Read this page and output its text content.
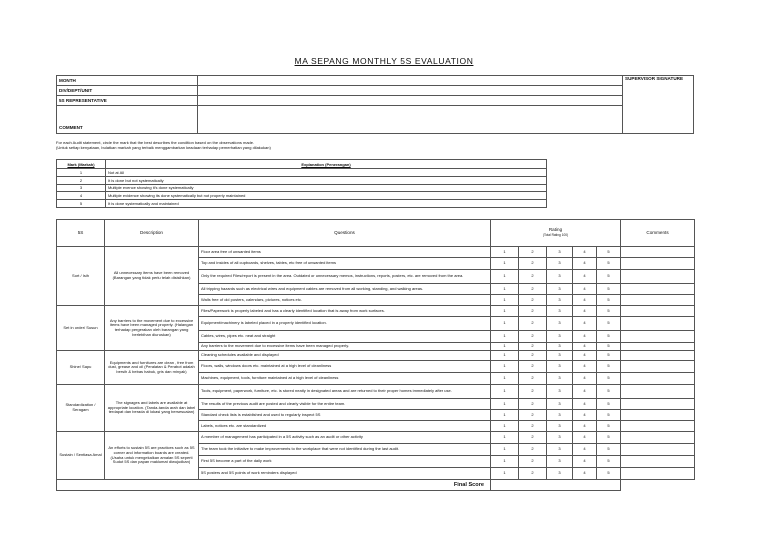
MA SEPANG MONTHLY 5S EVALUATION
MONTH		SUPERVISOR SIGNATURE
DIV/DEPT/UNIT		
5S REPRESENTATIVE		

COMMENT		
For each Audit statement, circle the mark that the best describes the condition based on the observations made.
(Untuk setiap kenyataan, bulatkan markah yang terbaik menggambarkan keadaan terhadap pemerhatian yang dilakukan)
Mark (Markah)	Explanation (Penerangan)
1	Not at All
2	It is done but not systematically
3	Multiple evence showing it's done systematically
4	Multiple evidence showing its done systematically but not properly maintained
5	It is done systematically and maintained
5S	Description	Questions	Rating
(Total Rating 100)					Comments
Sort / Isih	All unnecessary items have been removed (Barangan yang tidak perlu telah disisihkan)	Floor area free of unwanted items	1	2	3	4	5	
		Top and insides of all cupboards, shelves, tables, etc free of unwanted items	1	2	3	4	5	
		Only the required Files/report is present in the area. Outdated or unnecessary memos, instructions, reports, posters, etc. are removed from the area.	1	2	3	4	5	
		All tripping hazards such as electrical wires and equipment cables are removed from all working, standing, and walking areas.	1	2	3	4	5	
		Walls free of old posters, calendars, pictures, notices etc.	1	2	3	4	5	
Set in order/ Susun	Any barriers to the movement due to excessive items have been managed properly. (Halangan terhadap pergerakan oleh barangan yang berlebihan diuruskan)	Files/Paperwork is properly labeled and has a clearly identified location that is away from work surfaces.	1	2	3	4	5	
		Equipment/machinery is labeled placed in a properly identified location.	1	2	3	4	5	
		Cables, wires, pipes etc. neat and straight	1	2	3	4	5	
		Any barriers to the movement due to excessive items have been managed properly.	1	2	3	4	5	
Shine/ Sapu	Equipments and furnitures are clean , free from dust, grease and oil (Peralatan & Perabot adalah bersih & bebas habuk, gris dan minyak)	Cleaning schedules available and displayed	1	2	3	4	5	
		Floors, walls, windows doors etc. maintained at a high level of cleanliness	1	2	3	4	5	
		Machines, equipment, tools, furniture maintained at a high level of cleanliness	1	2	3	4	5	
Standardization / Seragam	The signages and labels are available at appropriate location. (Tanda-tanda arah dan label terdapat dan berada di lokasi yang bersesuaian)	Tools, equipment, paperwork, furniture, etc. is stored neatly in designated areas and are returned to their proper homes immediately after use.	1	2	3	4	5	
		The results of the previous audit are posted and clearly visible for the entire team.	1	2	3	4	5	
		Standard check lists is established and used to regularly inspect 5S	1	2	3	4	5	
		Labels, notices etc. are standardized	1	2	3	4	5	
Sustain / Sentiasa Amal	An efforts to sustain 5S are practices such as 5S corner and information boards are created. (Usaha untuk mengekalkan amalan 5S seperti Sudut 5S dan papan maklumat diwujudkan)	A member of management has participated in a 5S activity such as an audit or other activity	1	2	3	4	5	
		The team took the initiative to make improvements to the workplace that were not identified during the last audit.	1	2	3	4	5	
		First 5S become a part of the daily work	1	2	3	4	5	
		5S posters and 5S points of work reminders displayed	1	2	3	4	5	
Final Score								
